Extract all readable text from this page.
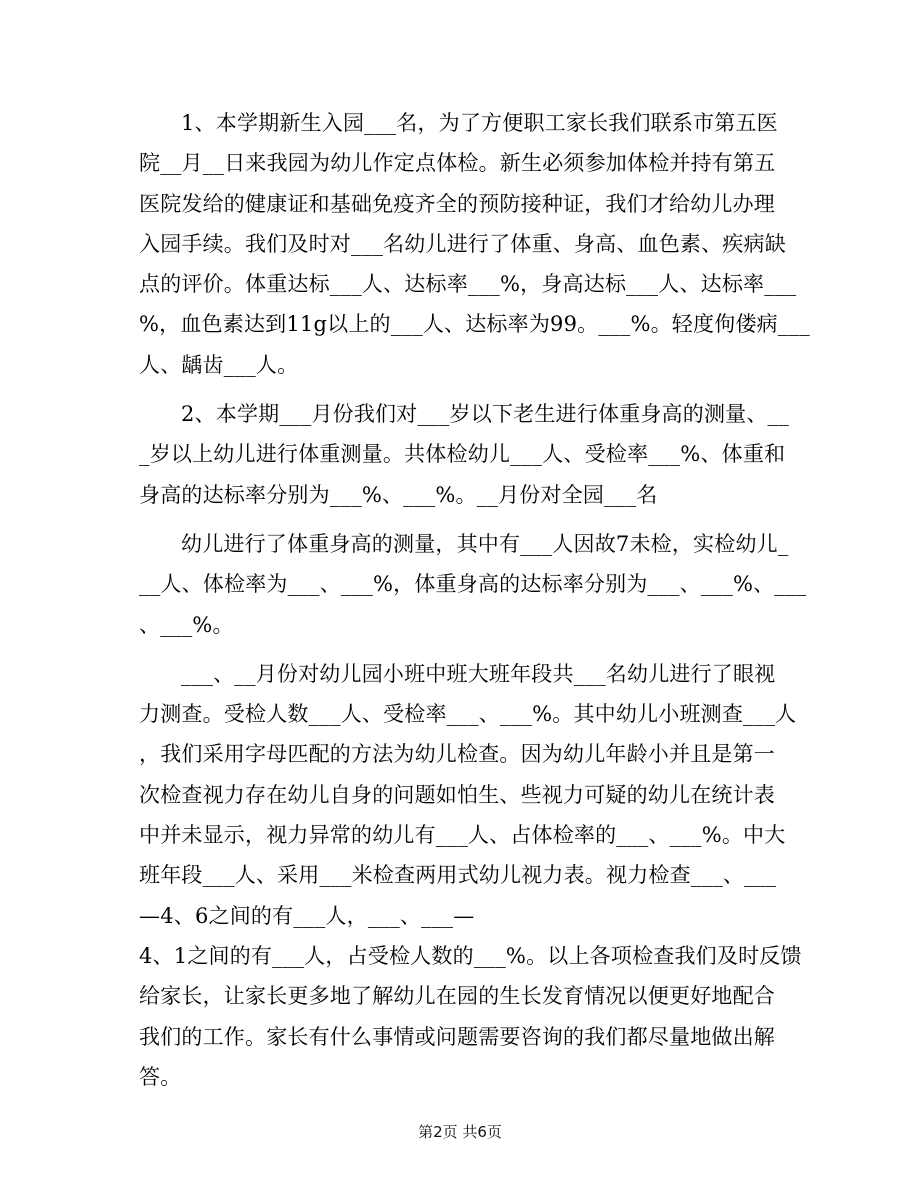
1、本学期新生入园___名，为了方便职工家长我们联系市第五医
院__月__日来我园为幼儿作定点体检。新生必须参加体检并持有第五
医院发给的健康证和基础免疫齐全的预防接种证，我们才给幼儿办理
入园手续。我们及时对___名幼儿进行了体重、身高、血色素、疾病缺
点的评价。体重达标___人、达标率___%，身高达标___人、达标率___
%，血色素达到11g以上的___人、达标率为99。___%。轻度佝偻病___
人、龋齿___人。
2、本学期___月份我们对___岁以下老生进行体重身高的测量、__
_岁以上幼儿进行体重测量。共体检幼儿___人、受检率___%、体重和
身高的达标率分别为___%、___%。__月份对全园___名
幼儿进行了体重身高的测量，其中有___人因故7未检，实检幼儿_
__人、体检率为___、___%，体重身高的达标率分别为___、___%、___
、___%。
___、__月份对幼儿园小班中班大班年段共___名幼儿进行了眼视
力测查。受检人数___人、受检率___、___%。其中幼儿小班测查___人
，我们采用字母匹配的方法为幼儿检查。因为幼儿年龄小并且是第一
次检查视力存在幼儿自身的问题如怕生、些视力可疑的幼儿在统计表
中并未显示，视力异常的幼儿有___人、占体检率的___、___%。中大
班年段___人、采用___米检查两用式幼儿视力表。视力检查___、___
—4、6之间的有___人，___、___—
4、1之间的有___人，占受检人数的___%。以上各项检查我们及时反馈
给家长，让家长更多地了解幼儿在园的生长发育情况以便更好地配合
我们的工作。家长有什么事情或问题需要咨询的我们都尽量地做出解
答。
第2页 共6页
